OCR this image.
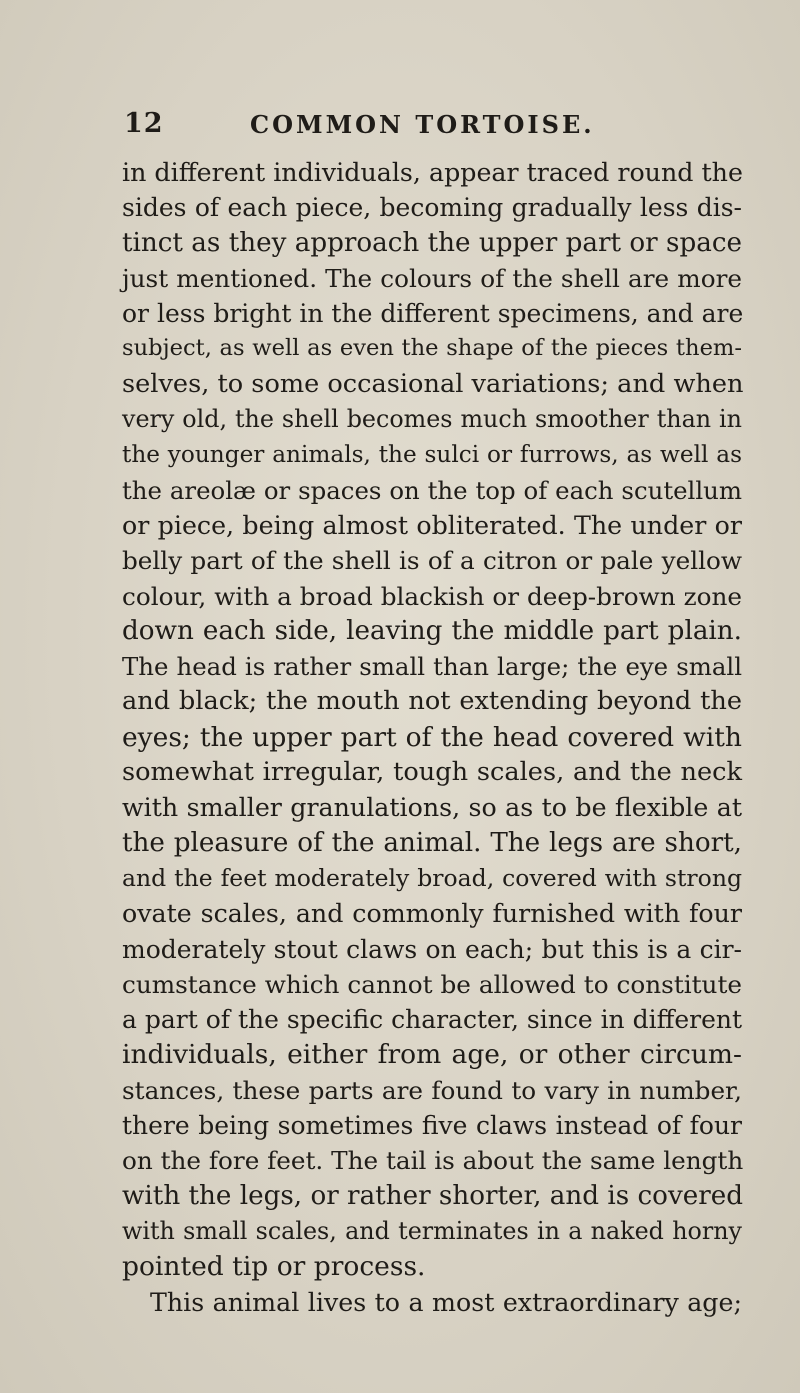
12	COMMON TORTOISE.
in different individuals, appear traced round the
sides of each piece, becoming gradually less dis-
tinct as they approach the upper part or space
just mentioned. The colours of the shell are more
or less bright in the different specimens, and are
subject, as well as even the shape of the pieces them-
selves, to some occasional variations; and when
very old, the shell becomes much smoother than in
the younger animals, the sulci or furrows, as well as
the areolæ or spaces on the top of each scutellum
or piece, being almost obliterated. The under or
belly part of the shell is of a citron or pale yellow
colour, with a broad blackish or deep-brown zone
down each side, leaving the middle part plain.
The head is rather small than large; the eye small
and black; the mouth not extending beyond the
eyes; the upper part of the head covered with
somewhat irregular, tough scales, and the neck
with smaller granulations, so as to be flexible at
the pleasure of the animal. The legs are short,
and the feet moderately broad, covered with strong
ovate scales, and commonly furnished with four
moderately stout claws on each; but this is a cir-
cumstance which cannot be allowed to constitute
a part of the specific character, since in different
individuals, either from age, or other circum-
stances, these parts are found to vary in number,
there being sometimes five claws instead of four
on the fore feet. The tail is about the same length
with the legs, or rather shorter, and is covered
with small scales, and terminates in a naked horny
pointed tip or process.
This animal lives to a most extraordinary age;
